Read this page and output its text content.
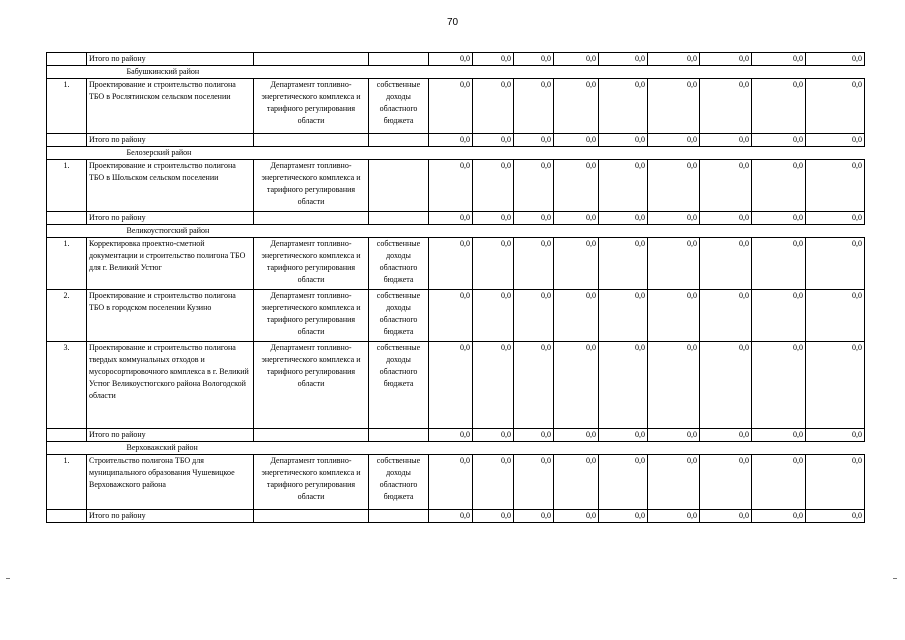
70
	Итого по району			0,0	0,0	0,0	0,0	0,0	0,0	0,0	0,0	0,0
	Бабушкинский район											
1.	Проектирование и строительство полигона ТБО в Рослятинском сельском поселении	Департамент топливно-энергетического комплекса и тарифного регулирования области	собственные доходы областного бюджета	0,0	0,0	0,0	0,0	0,0	0,0	0,0	0,0	0,0
	Итого по району			0,0	0,0	0,0	0,0	0,0	0,0	0,0	0,0	0,0
	Белозерский район											
1.	Проектирование и строительство полигона ТБО в Шольском сельском поселении	Департамент топливно-энергетического комплекса и тарифного регулирования области		0,0	0,0	0,0	0,0	0,0	0,0	0,0	0,0	0,0
	Итого по району			0,0	0,0	0,0	0,0	0,0	0,0	0,0	0,0	0,0
	Великоустюгский район											
1.	Корректировка проектно-сметной документации и строительство полигона ТБО для г. Великий Устюг	Департамент топливно-энергетического комплекса и тарифного регулирования области	собственные доходы областного бюджета	0,0	0,0	0,0	0,0	0,0	0,0	0,0	0,0	0,0
2.	Проектирование и строительство полигона ТБО в городском поселении Кузино	Департамент топливно-энергетического комплекса и тарифного регулирования области	собственные доходы областного бюджета	0,0	0,0	0,0	0,0	0,0	0,0	0,0	0,0	0,0
3.	Проектирование и строительство полигона твердых коммунальных отходов и мусоросортировочного комплекса в г. Великий Устюг Великоустюгского района Вологодской области	Департамент топливно-энергетического комплекса и тарифного регулирования области	собственные доходы областного бюджета	0,0	0,0	0,0	0,0	0,0	0,0	0,0	0,0	0,0
	Итого по району			0,0	0,0	0,0	0,0	0,0	0,0	0,0	0,0	0,0
	Верховажский район											
1.	Строительство полигона ТБО для муниципального образования Чушевицкое Верховажского района	Департамент топливно-энергетического комплекса и тарифного регулирования области	собственные доходы областного бюджета	0,0	0,0	0,0	0,0	0,0	0,0	0,0	0,0	0,0
	Итого по району			0,0	0,0	0,0	0,0	0,0	0,0	0,0	0,0	0,0
